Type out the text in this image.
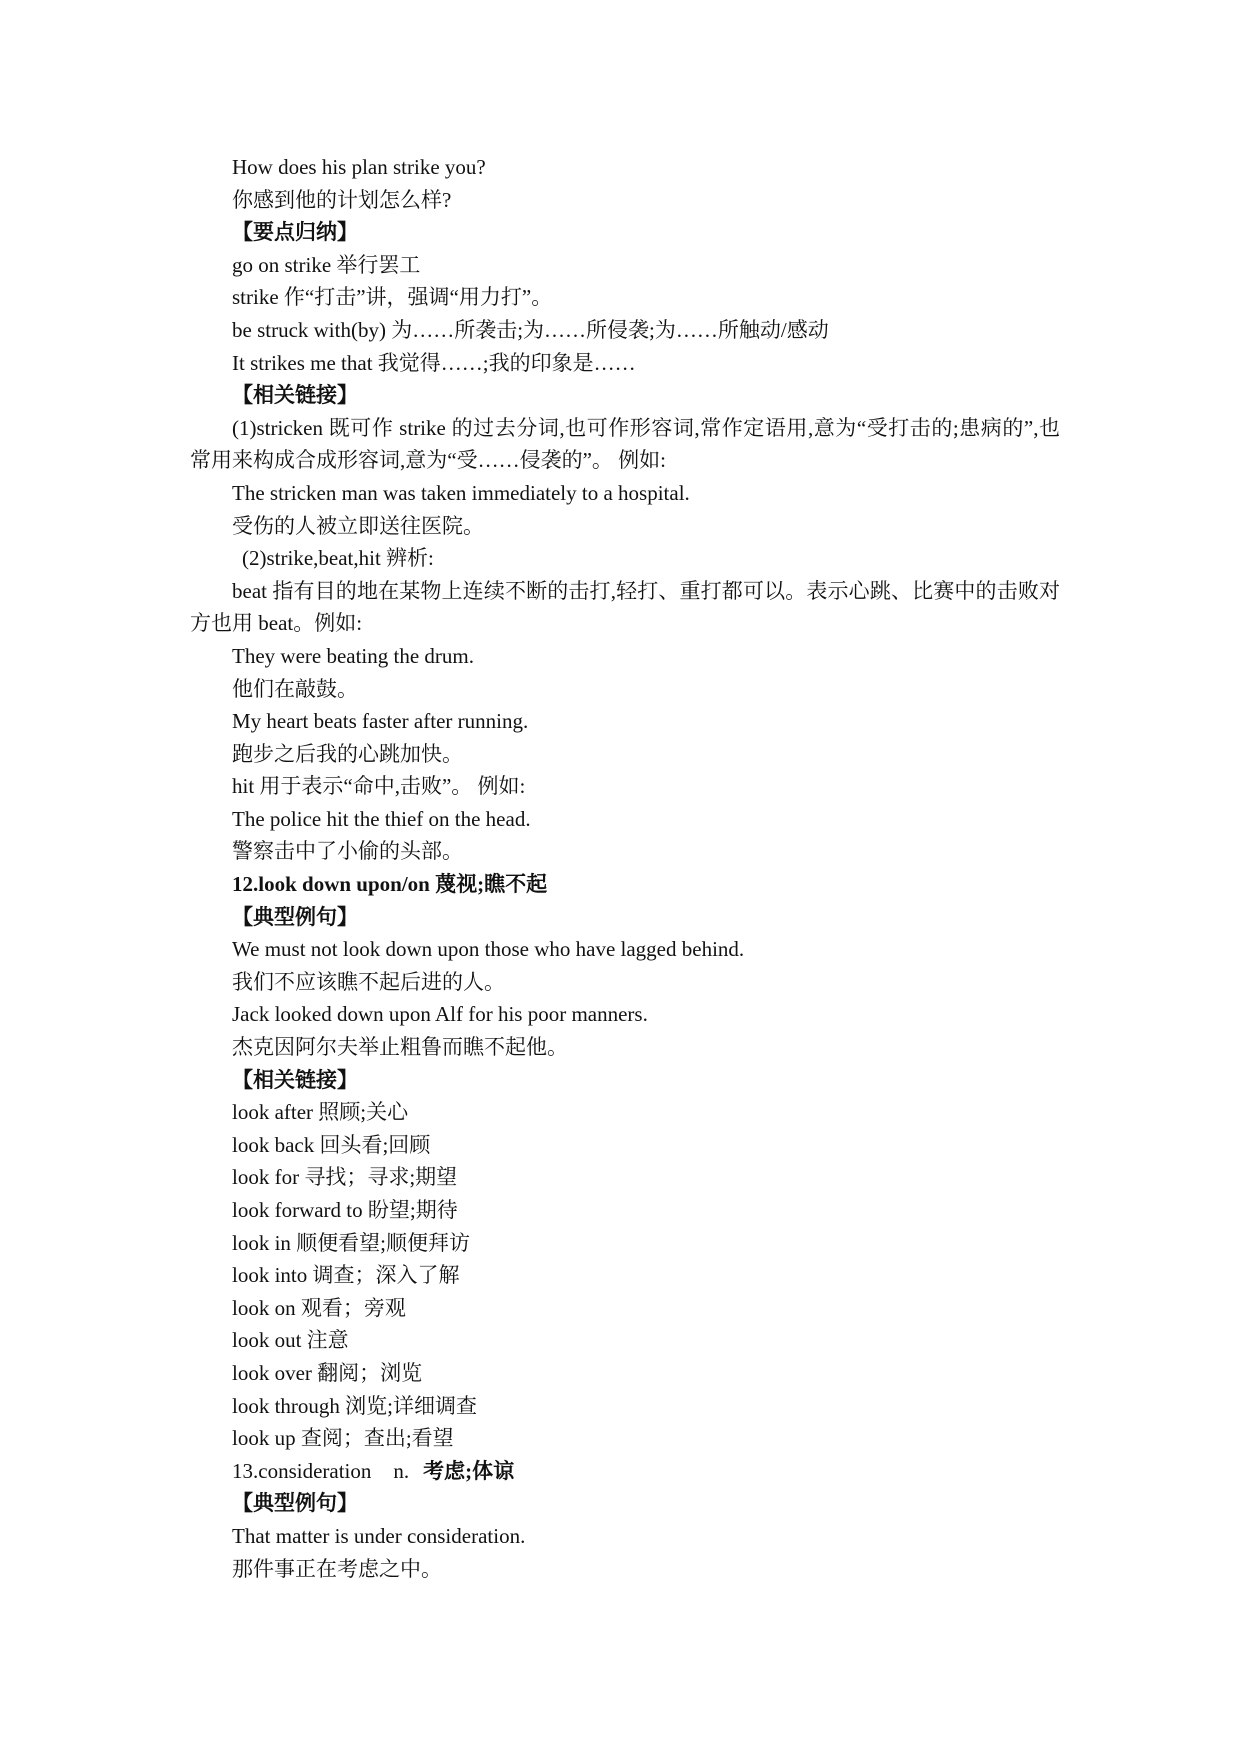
How does his plan strike you?
你感到他的计划怎么样?
【要点归纳】
go on strike 举行罢工
strike 作“打击”讲，强调“用力打”。
be struck with(by) 为……所袭击;为……所侵袭;为……所触动/感动
It strikes me that 我觉得……;我的印象是……
【相关链接】
(1)stricken 既可作 strike 的过去分词,也可作形容词,常作定语用,意为“受打击的;患病的”,也常用来构成合成形容词,意为“受……侵袭的”。 例如:
The stricken man was taken immediately to a hospital.
受伤的人被立即送往医院。
(2)strike,beat,hit 辨析:
beat 指有目的地在某物上连续不断的击打,轻打、重打都可以。表示心跳、比赛中的击败对方也用 beat。例如:
They were beating the drum.
他们在敲鼓。
My heart beats faster after running.
跑步之后我的心跳加快。
hit 用于表示“命中,击败”。 例如:
The police hit the thief on the head.
警察击中了小偷的头部。
12.look down upon/on 蔑视;瞧不起
【典型例句】
We must not look down upon those who have lagged behind.
我们不应该瞧不起后进的人。
Jack looked down upon Alf for his poor manners.
杰克因阿尔夫举止粗鲁而瞧不起他。
【相关链接】
look after 照顾;关心
look back 回头看;回顾
look for 寻找；寻求;期望
look forward to 盼望;期待
look in 顺便看望;顺便拜访
look into 调查；深入了解
look on 观看；旁观
look out 注意
look over 翻阅；浏览
look through 浏览;详细调查
look up 查阅；查出;看望
13.consideration n. 考虑;体谅
【典型例句】
That matter is under consideration.
那件事正在考虑之中。
